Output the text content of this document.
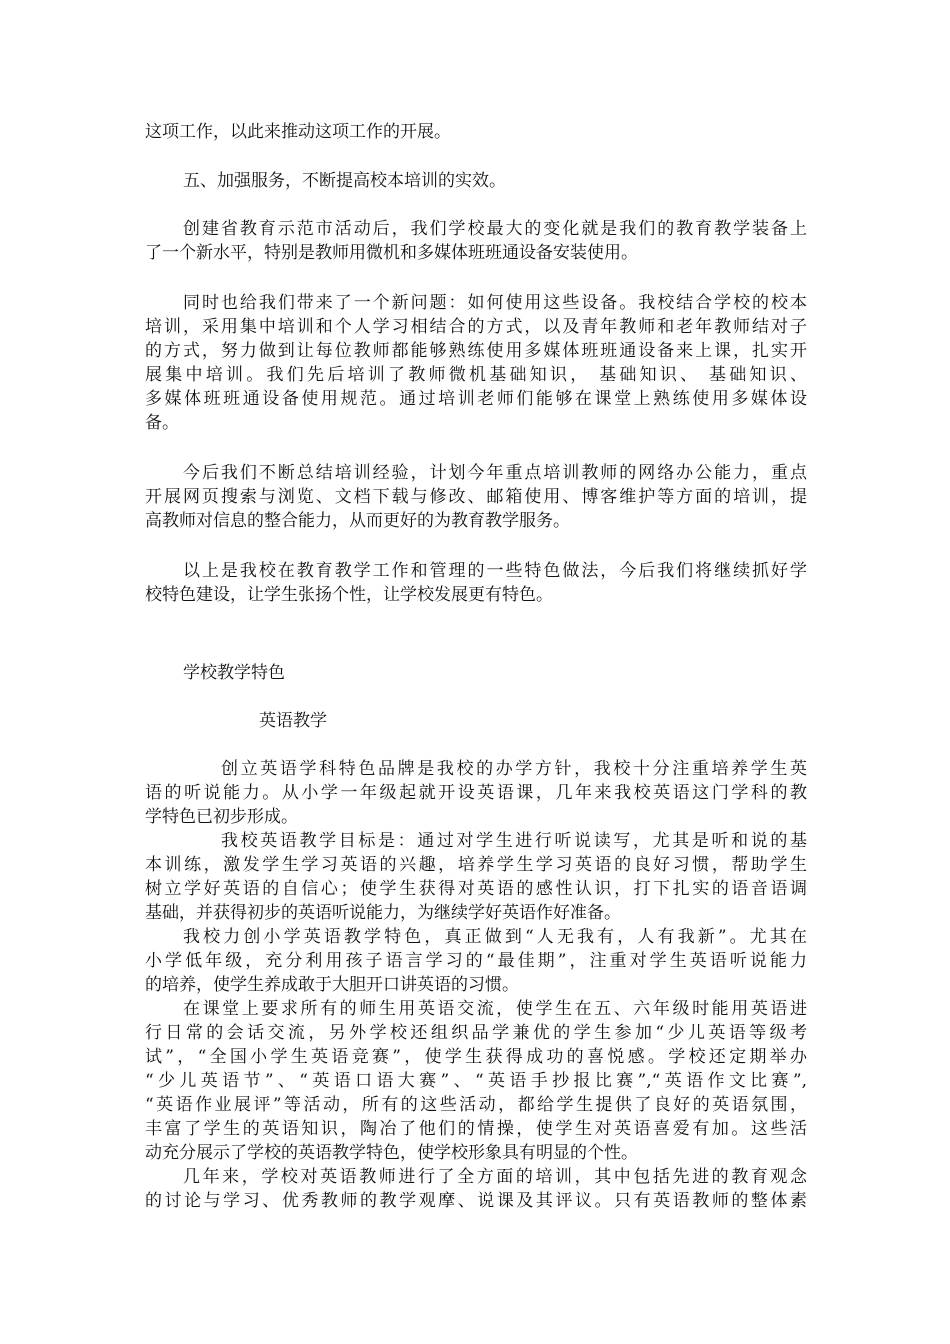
这项工作，以此来推动这项工作的开展。
五、加强服务，不断提高校本培训的实效。
创建省教育示范市活动后，我们学校最大的变化就是我们的教育教学装备上
了一个新水平，特别是教师用微机和多媒体班班通设备安装使用。
同时也给我们带来了一个新问题：如何使用这些设备。我校结合学校的校本
培训，采用集中培训和个人学习相结合的方式，以及青年教师和老年教师结对子
的方式，努力做到让每位教师都能够熟练使用多媒体班班通设备来上课，扎实开
展集中培训。我们先后培训了教师微机基础知识， 基础知识、 基础知识、
多媒体班班通设备使用规范。通过培训老师们能够在课堂上熟练使用多媒体设
备。
今后我们不断总结培训经验，计划今年重点培训教师的网络办公能力，重点
开展网页搜索与浏览、文档下载与修改、邮箱使用、博客维护等方面的培训，提
高教师对信息的整合能力，从而更好的为教育教学服务。
以上是我校在教育教学工作和管理的一些特色做法，今后我们将继续抓好学
校特色建设，让学生张扬个性，让学校发展更有特色。
学校教学特色
英语教学
创立英语学科特色品牌是我校的办学方针，我校十分注重培养学生英
语的听说能力。从小学一年级起就开设英语课，几年来我校英语这门学科的教
学特色已初步形成。
我校英语教学目标是：通过对学生进行听说读写，尤其是听和说的基
本训练，激发学生学习英语的兴趣，培养学生学习英语的良好习惯，帮助学生
树立学好英语的自信心；使学生获得对英语的感性认识，打下扎实的语音语调
基础，并获得初步的英语听说能力，为继续学好英语作好准备。
我校力创小学英语教学特色，真正做到“人无我有，人有我新”。尤其在
小学低年级，充分利用孩子语言学习的“最佳期”，注重对学生英语听说能力
的培养，使学生养成敢于大胆开口讲英语的习惯。
在课堂上要求所有的师生用英语交流，使学生在五、六年级时能用英语进
行日常的会话交流，另外学校还组织品学兼优的学生参加“少儿英语等级考
试”，“全国小学生英语竞赛”，使学生获得成功的喜悦感。学校还定期举办
“少儿英语节”、“英语口语大赛”、“英语手抄报比赛”,“英语作文比赛”,
“英语作业展评”等活动，所有的这些活动，都给学生提供了良好的英语氛围，
丰富了学生的英语知识，陶冶了他们的情操，使学生对英语喜爱有加。这些活
动充分展示了学校的英语教学特色，使学校形象具有明显的个性。
几年来，学校对英语教师进行了全方面的培训，其中包括先进的教育观念
的讨论与学习、优秀教师的教学观摩、说课及其评议。只有英语教师的整体素
